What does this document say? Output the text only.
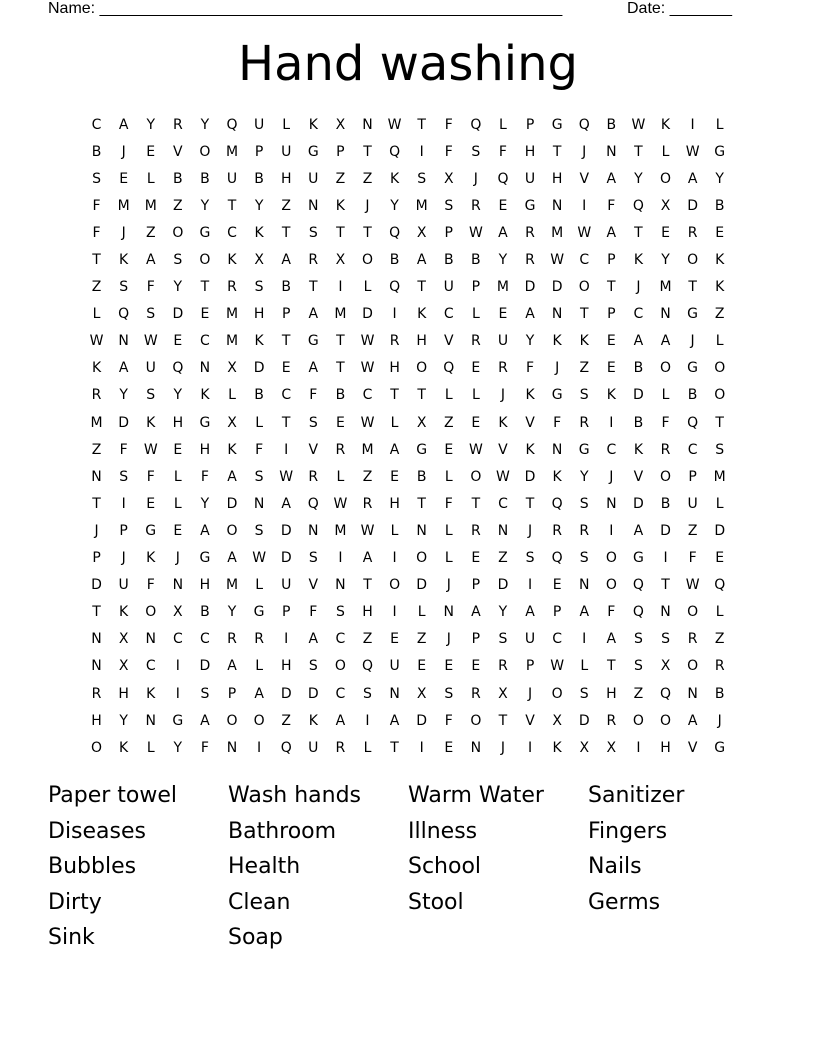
Name: ____________________________________________________	Date: _______
Hand washing
C	A	Y	R	Y	Q	U	L	K	X	N	W	T	F	Q	L	P	G	Q	B	W	K	I	L
B	J	E	V	O	M	P	U	G	P	T	Q	I	F	S	F	H	T	J	N	T	L	W	G
S	E	L	B	B	U	B	H	U	Z	Z	K	S	X	J	Q	U	H	V	A	Y	O	A	Y
F	M	M	Z	Y	T	Y	Z	N	K	J	Y	M	S	R	E	G	N	I	F	Q	X	D	B
F	J	Z	O	G	C	K	T	S	T	T	Q	X	P	W	A	R	M	W	A	T	E	R	E
T	K	A	S	O	K	X	A	R	X	O	B	A	B	B	Y	R	W	C	P	K	Y	O	K
Z	S	F	Y	T	R	S	B	T	I	L	Q	T	U	P	M	D	D	O	T	J	M	T	K
L	Q	S	D	E	M	H	P	A	M	D	I	K	C	L	E	A	N	T	P	C	N	G	Z
W	N	W	E	C	M	K	T	G	T	W	R	H	V	R	U	Y	K	K	E	A	A	J	L
K	A	U	Q	N	X	D	E	A	T	W	H	O	Q	E	R	F	J	Z	E	B	O	G	O
R	Y	S	Y	K	L	B	C	F	B	C	T	T	L	L	J	K	G	S	K	D	L	B	O
M	D	K	H	G	X	L	T	S	E	W	L	X	Z	E	K	V	F	R	I	B	F	Q	T
Z	F	W	E	H	K	F	I	V	R	M	A	G	E	W	V	K	N	G	C	K	R	C	S
N	S	F	L	F	A	S	W	R	L	Z	E	B	L	O	W	D	K	Y	J	V	O	P	M
T	I	E	L	Y	D	N	A	Q	W	R	H	T	F	T	C	T	Q	S	N	D	B	U	L
J	P	G	E	A	O	S	D	N	M	W	L	N	L	R	N	J	R	R	I	A	D	Z	D
P	J	K	J	G	A	W	D	S	I	A	I	O	L	E	Z	S	Q	S	O	G	I	F	E
D	U	F	N	H	M	L	U	V	N	T	O	D	J	P	D	I	E	N	O	Q	T	W	Q
T	K	O	X	B	Y	G	P	F	S	H	I	L	N	A	Y	A	P	A	F	Q	N	O	L
N	X	N	C	C	R	R	I	A	C	Z	E	Z	J	P	S	U	C	I	A	S	S	R	Z
N	X	C	I	D	A	L	H	S	O	Q	U	E	E	E	R	P	W	L	T	S	X	O	R
R	H	K	I	S	P	A	D	D	C	S	N	X	S	R	X	J	O	S	H	Z	Q	N	B
H	Y	N	G	A	O	O	Z	K	A	I	A	D	F	O	T	V	X	D	R	O	O	A	J
O	K	L	Y	F	N	I	Q	U	R	L	T	I	E	N	J	I	K	X	X	I	H	V	G
Paper towel	Wash hands	Warm Water	Sanitizer
Diseases	Bathroom	Illness	Fingers
Bubbles	Health	School	Nails
Dirty	Clean	Stool	Germs
Sink	Soap
